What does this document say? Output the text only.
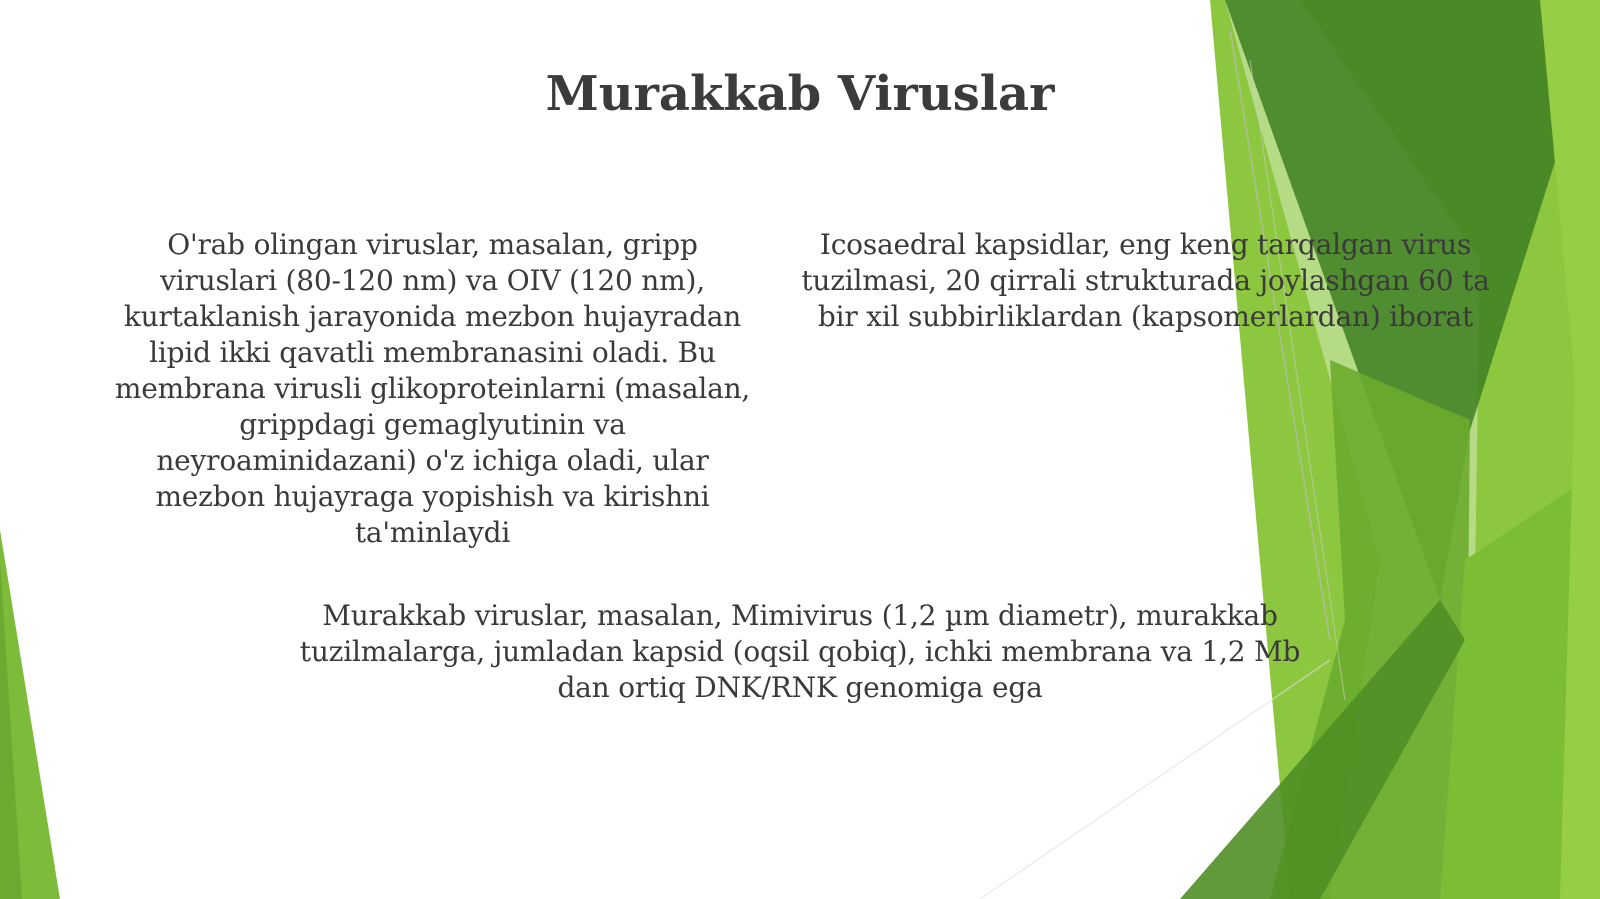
Murakkab Viruslar

O'rab olingan viruslar, masalan, gripp viruslari (80-120 nm) va OIV (120 nm), kurtaklanish jarayonida mezbon hujayradan lipid ikki qavatli membranasini oladi. Bu membrana virusli glikoproteinlarni (masalan, grippdagi gemaglyutinin va neyroaminidazani) o'z ichiga oladi, ular mezbon hujayraga yopishish va kirishni ta'minlaydi

Icosaedral kapsidlar, eng keng tarqalgan virus tuzilmasi, 20 qirrali strukturada joylashgan 60 ta bir xil subbirliklardan (kapsomerlardan) iborat

Murakkab viruslar, masalan, Mimivirus (1,2 µm diametr), murakkab tuzilmalarga, jumladan kapsid (oqsil qobiq), ichki membrana va 1,2 Mb dan ortiq DNK/RNK genomiga ega
